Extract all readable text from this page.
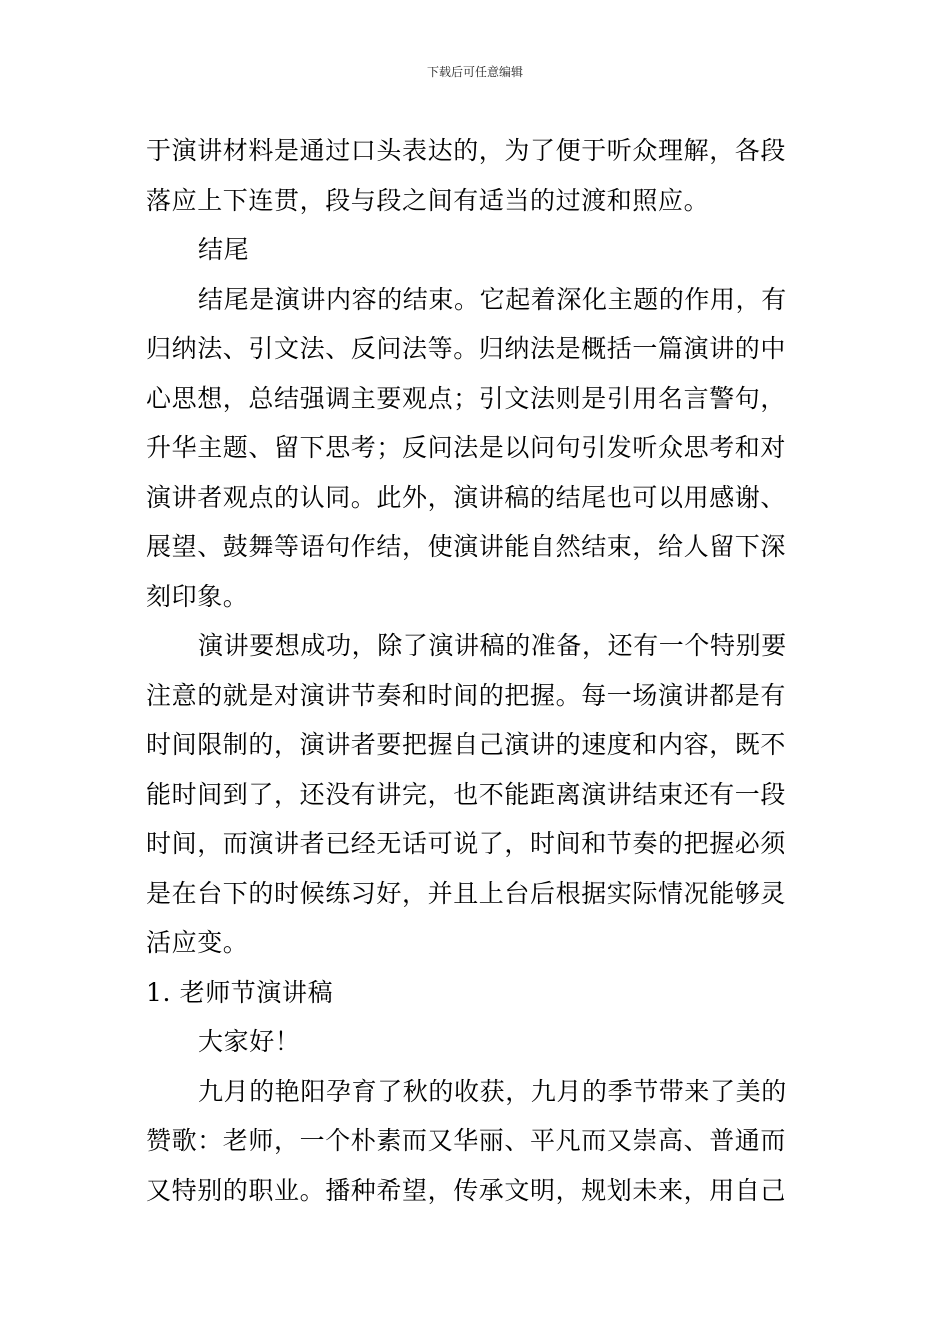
下载后可任意编辑

于演讲材料是通过口头表达的，为了便于听众理解，各段落应上下连贯，段与段之间有适当的过渡和照应。

结尾

结尾是演讲内容的结束。它起着深化主题的作用，有归纳法、引文法、反问法等。归纳法是概括一篇演讲的中心思想，总结强调主要观点；引文法则是引用名言警句，升华主题、留下思考；反问法是以问句引发听众思考和对演讲者观点的认同。此外，演讲稿的结尾也可以用感谢、展望、鼓舞等语句作结，使演讲能自然结束，给人留下深刻印象。

演讲要想成功，除了演讲稿的准备，还有一个特别要注意的就是对演讲节奏和时间的把握。每一场演讲都是有时间限制的，演讲者要把握自己演讲的速度和内容，既不能时间到了，还没有讲完，也不能距离演讲结束还有一段时间，而演讲者已经无话可说了，时间和节奏的把握必须是在台下的时候练习好，并且上台后根据实际情况能够灵活应变。

1. 老师节演讲稿

大家好！

九月的艳阳孕育了秋的收获，九月的季节带来了美的赞歌：老师，一个朴素而又华丽、平凡而又崇高、普通而又特别的职业。播种希望，传承文明，规划未来，用自己
